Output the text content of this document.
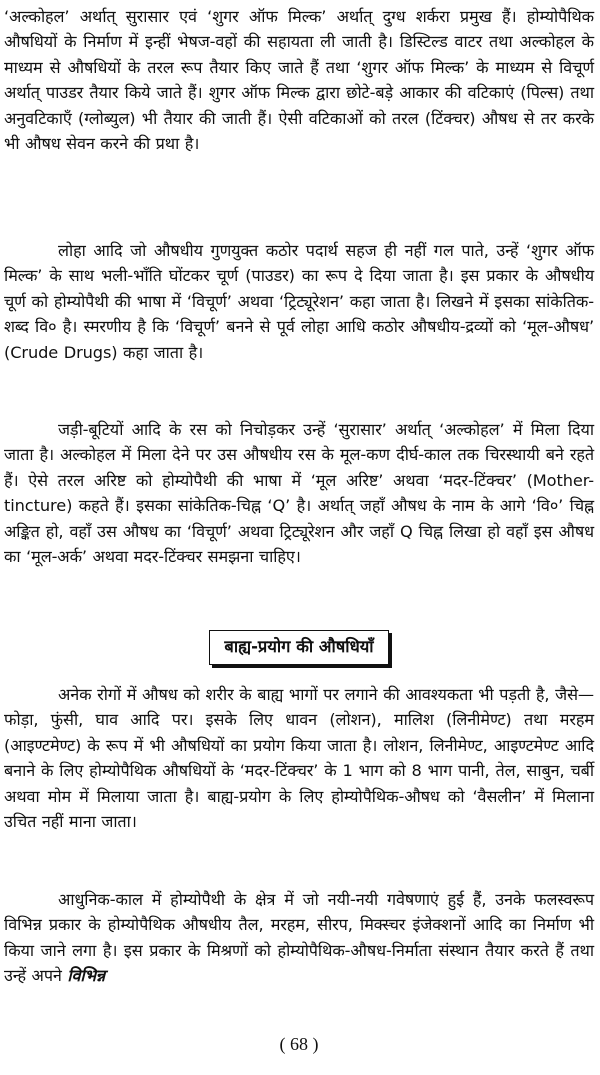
‘अल्कोहल’ अर्थात् सुरासार एवं ‘शुगर ऑफ मिल्क’ अर्थात् दुग्ध शर्करा प्रमुख हैं। होम्योपैथिक औषधियों के निर्माण में इन्हीं भेषज-वहों की सहायता ली जाती है। डिस्टिल्ड वाटर तथा अल्कोहल के माध्यम से औषधियों के तरल रूप तैयार किए जाते हैं तथा ‘शुगर ऑफ मिल्क’ के माध्यम से विचूर्ण अर्थात् पाउडर तैयार किये जाते हैं। शुगर ऑफ मिल्क द्वारा छोटे-बड़े आकार की वटिकाएं (पिल्स) तथा अनुवटिकाएँ (ग्लोब्युल) भी तैयार की जाती हैं। ऐसी वटिकाओं को तरल (टिंक्चर) औषध से तर करके भी औषध सेवन करने की प्रथा है।

लोहा आदि जो औषधीय गुणयुक्त कठोर पदार्थ सहज ही नहीं गल पाते, उन्हें ‘शुगर ऑफ मिल्क’ के साथ भली-भाँति घोंटकर चूर्ण (पाउडर) का रूप दे दिया जाता है। इस प्रकार के औषधीय चूर्ण को होम्योपैथी की भाषा में ‘विचूर्ण’ अथवा ‘ट्रिट्यूरेशन’ कहा जाता है। लिखने में इसका सांकेतिक-शब्द वि० है। स्मरणीय है कि ‘विचूर्ण’ बनने से पूर्व लोहा आधि कठोर औषधीय-द्रव्यों को ‘मूल-औषध’ (Crude Drugs) कहा जाता है।

जड़ी-बूटियों आदि के रस को निचोड़कर उन्हें ‘सुरासार’ अर्थात् ‘अल्कोहल’ में मिला दिया जाता है। अल्कोहल में मिला देने पर उस औषधीय रस के मूल-कण दीर्घ-काल तक चिरस्थायी बने रहते हैं। ऐसे तरल अरिष्ट को होम्योपैथी की भाषा में ‘मूल अरिष्ट’ अथवा ‘मदर-टिंक्चर’ (Mother-tincture) कहते हैं। इसका सांकेतिक-चिह्न ‘Q’ है। अर्थात् जहाँ औषध के नाम के आगे ‘वि०’ चिह्न अङ्कित हो, वहाँ उस औषध का ‘विचूर्ण’ अथवा ट्रिट्यूरेशन और जहाँ Q चिह्न लिखा हो वहाँ इस औषध का ‘मूल-अर्क’ अथवा मदर-टिंक्चर समझना चाहिए।

बाह्य-प्रयोग की औषधियाँ

अनेक रोगों में औषध को शरीर के बाह्य भागों पर लगाने की आवश्यकता भी पड़ती है, जैसे—फोड़ा, फुंसी, घाव आदि पर। इसके लिए धावन (लोशन), मालिश (लिनीमेण्ट) तथा मरहम (आइण्टमेण्ट) के रूप में भी औषधियों का प्रयोग किया जाता है। लोशन, लिनीमेण्ट, आइण्टमेण्ट आदि बनाने के लिए होम्योपैथिक औषधियों के ‘मदर-टिंक्चर’ के 1 भाग को 8 भाग पानी, तेल, साबुन, चर्बी अथवा मोम में मिलाया जाता है। बाह्य-प्रयोग के लिए होम्योपैथिक-औषध को ‘वैसलीन’ में मिलाना उचित नहीं माना जाता।

आधुनिक-काल में होम्योपैथी के क्षेत्र में जो नयी-नयी गवेषणाएं हुई हैं, उनके फलस्वरूप विभिन्न प्रकार के होम्योपैथिक औषधीय तैल, मरहम, सीरप, मिक्स्चर इंजेक्शनों आदि का निर्माण भी किया जाने लगा है। इस प्रकार के मिश्रणों को होम्योपैथिक-औषध-निर्माता संस्थान तैयार करते हैं तथा उन्हें अपने विभिन्न

( 68 )
